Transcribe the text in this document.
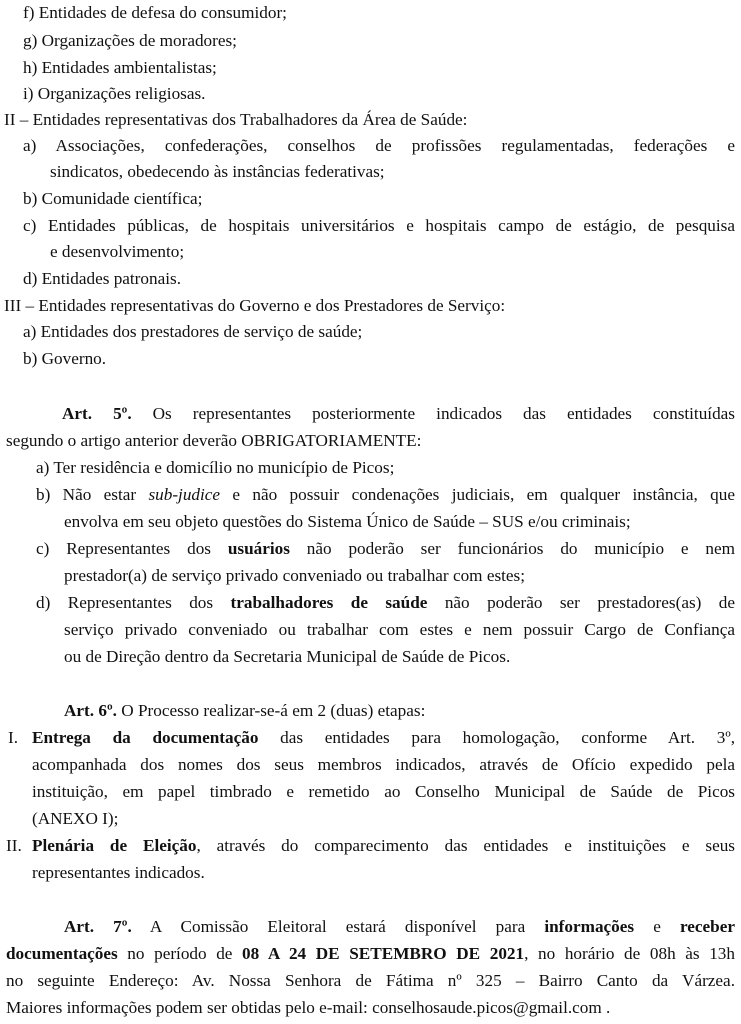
f) Entidades de defesa do consumidor;
g) Organizações de moradores;
h) Entidades ambientalistas;
i) Organizações religiosas.
II – Entidades representativas dos Trabalhadores da Área de Saúde:
a) Associações, confederações, conselhos de profissões regulamentadas, federações e
sindicatos, obedecendo às instâncias federativas;
b) Comunidade científica;
c) Entidades públicas, de hospitais universitários e hospitais campo de estágio, de pesquisa
e desenvolvimento;
d) Entidades patronais.
III – Entidades representativas do Governo e dos Prestadores de Serviço:
a) Entidades dos prestadores de serviço de saúde;
b) Governo.
Art. 5º. Os representantes posteriormente indicados das entidades constituídas
segundo o artigo anterior deverão OBRIGATORIAMENTE:
a) Ter residência e domicílio no município de Picos;
b) Não estar sub-judice e não possuir condenações judiciais, em qualquer instância, que
envolva em seu objeto questões do Sistema Único de Saúde – SUS e/ou criminais;
c) Representantes dos usuários não poderão ser funcionários do município e nem
prestador(a) de serviço privado conveniado ou trabalhar com estes;
d) Representantes dos trabalhadores de saúde não poderão ser prestadores(as) de
serviço privado conveniado ou trabalhar com estes e nem possuir Cargo de Confiança
ou de Direção dentro da Secretaria Municipal de Saúde de Picos.
Art. 6º. O Processo realizar-se-á em 2 (duas) etapas:
I. Entrega da documentação das entidades para homologação, conforme Art. 3º,
acompanhada dos nomes dos seus membros indicados, através de Ofício expedido pela
instituição, em papel timbrado e remetido ao Conselho Municipal de Saúde de Picos
(ANEXO I);
II. Plenária de Eleição, através do comparecimento das entidades e instituições e seus
representantes indicados.
Art. 7º. A Comissão Eleitoral estará disponível para informações e receber
documentações no período de 08 A 24 DE SETEMBRO DE 2021, no horário de 08h às 13h
no seguinte Endereço: Av. Nossa Senhora de Fátima nº 325 – Bairro Canto da Várzea.
Maiores informações podem ser obtidas pelo e-mail: conselhosaude.picos@gmail.com .
